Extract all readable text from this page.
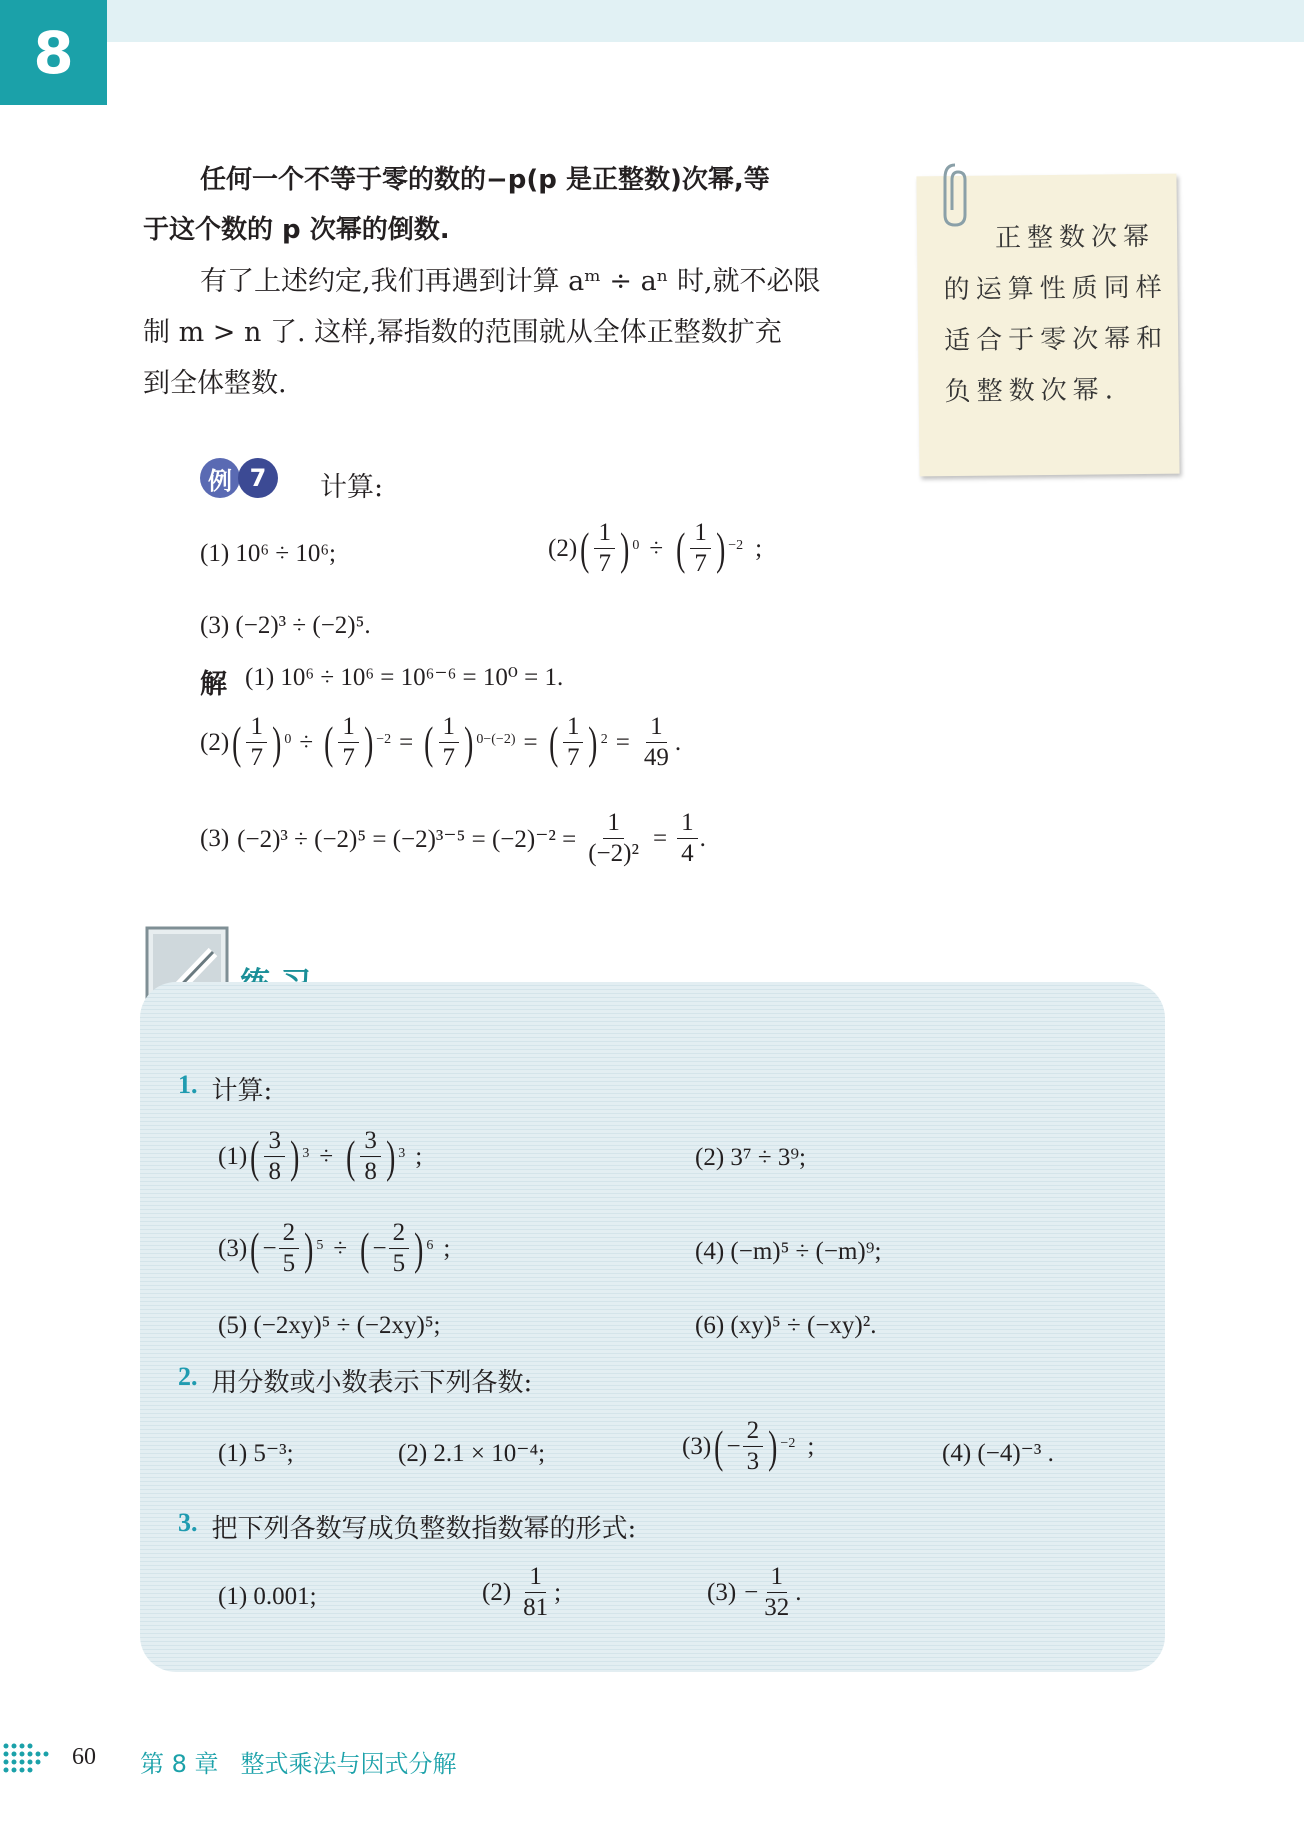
8
任何一个不等于零的数的−p(p 是正整数)次幂,等
于这个数的 p 次幂的倒数.
有了上述约定,我们再遇到计算 aᵐ ÷ aⁿ 时,就不必限
制 m > n 了. 这样,幂指数的范围就从全体正整数扩充
到全体整数.
正整数次幂
的运算性质同样
适合于零次幂和
负整数次幂.
例 7	计算:
(1) 10⁶ ÷ 10⁶;	(2) ( $\frac{1}{7}$ ) 0 ÷ ( $\frac{1}{7}$ ) −2 ;
(3) (−2)³ ÷ (−2)⁵.
解 (1) 10⁶ ÷ 10⁶ = 10⁶⁻⁶ = 10⁰ = 1.
(2) ( $\frac{1}{7}$ ) 0 ÷ ( $\frac{1}{7}$ ) −2 = ( $\frac{1}{7}$ ) 0−(−2) = ( $\frac{1}{7}$ ) $2 = \frac{1}{49}$ .
(3) $(-2)^3 \div (-2)^5 = (-2)^{3-5} = (-2)^{-2} = \frac{1}{\text{(−2)²}} = \frac{1}{4}$ .
1. 计算:
(1) ( $\frac{3}{8}$ ) 3 ÷ ( $\frac{3}{8}$ ) 3 ;	(2) 3⁷ ÷ 3⁹;
(3) ( − $\frac{2}{5}$ ) 5 ÷ ( − $\frac{2}{5}$ ) 6 ;	(4) (−m)⁵ ÷ (−m)⁹;
(5) (−2xy)⁵ ÷ (−2xy)⁵;	(6) (xy)⁵ ÷ (−xy)².
2. 用分数或小数表示下列各数:
(1) 5⁻³;	(2) 2.1 × 10⁻⁴;	(3) ( − $\frac{2}{3}$ ) −2 ;	(4) (−4)⁻³ .
3. 把下列各数写成负整数指数幂的形式:
(1) 0.001;	$(2) \frac{1}{81}$ ;	$(3) - \frac{1}{32}$ .
60 第 8 章 整式乘法与因式分解
